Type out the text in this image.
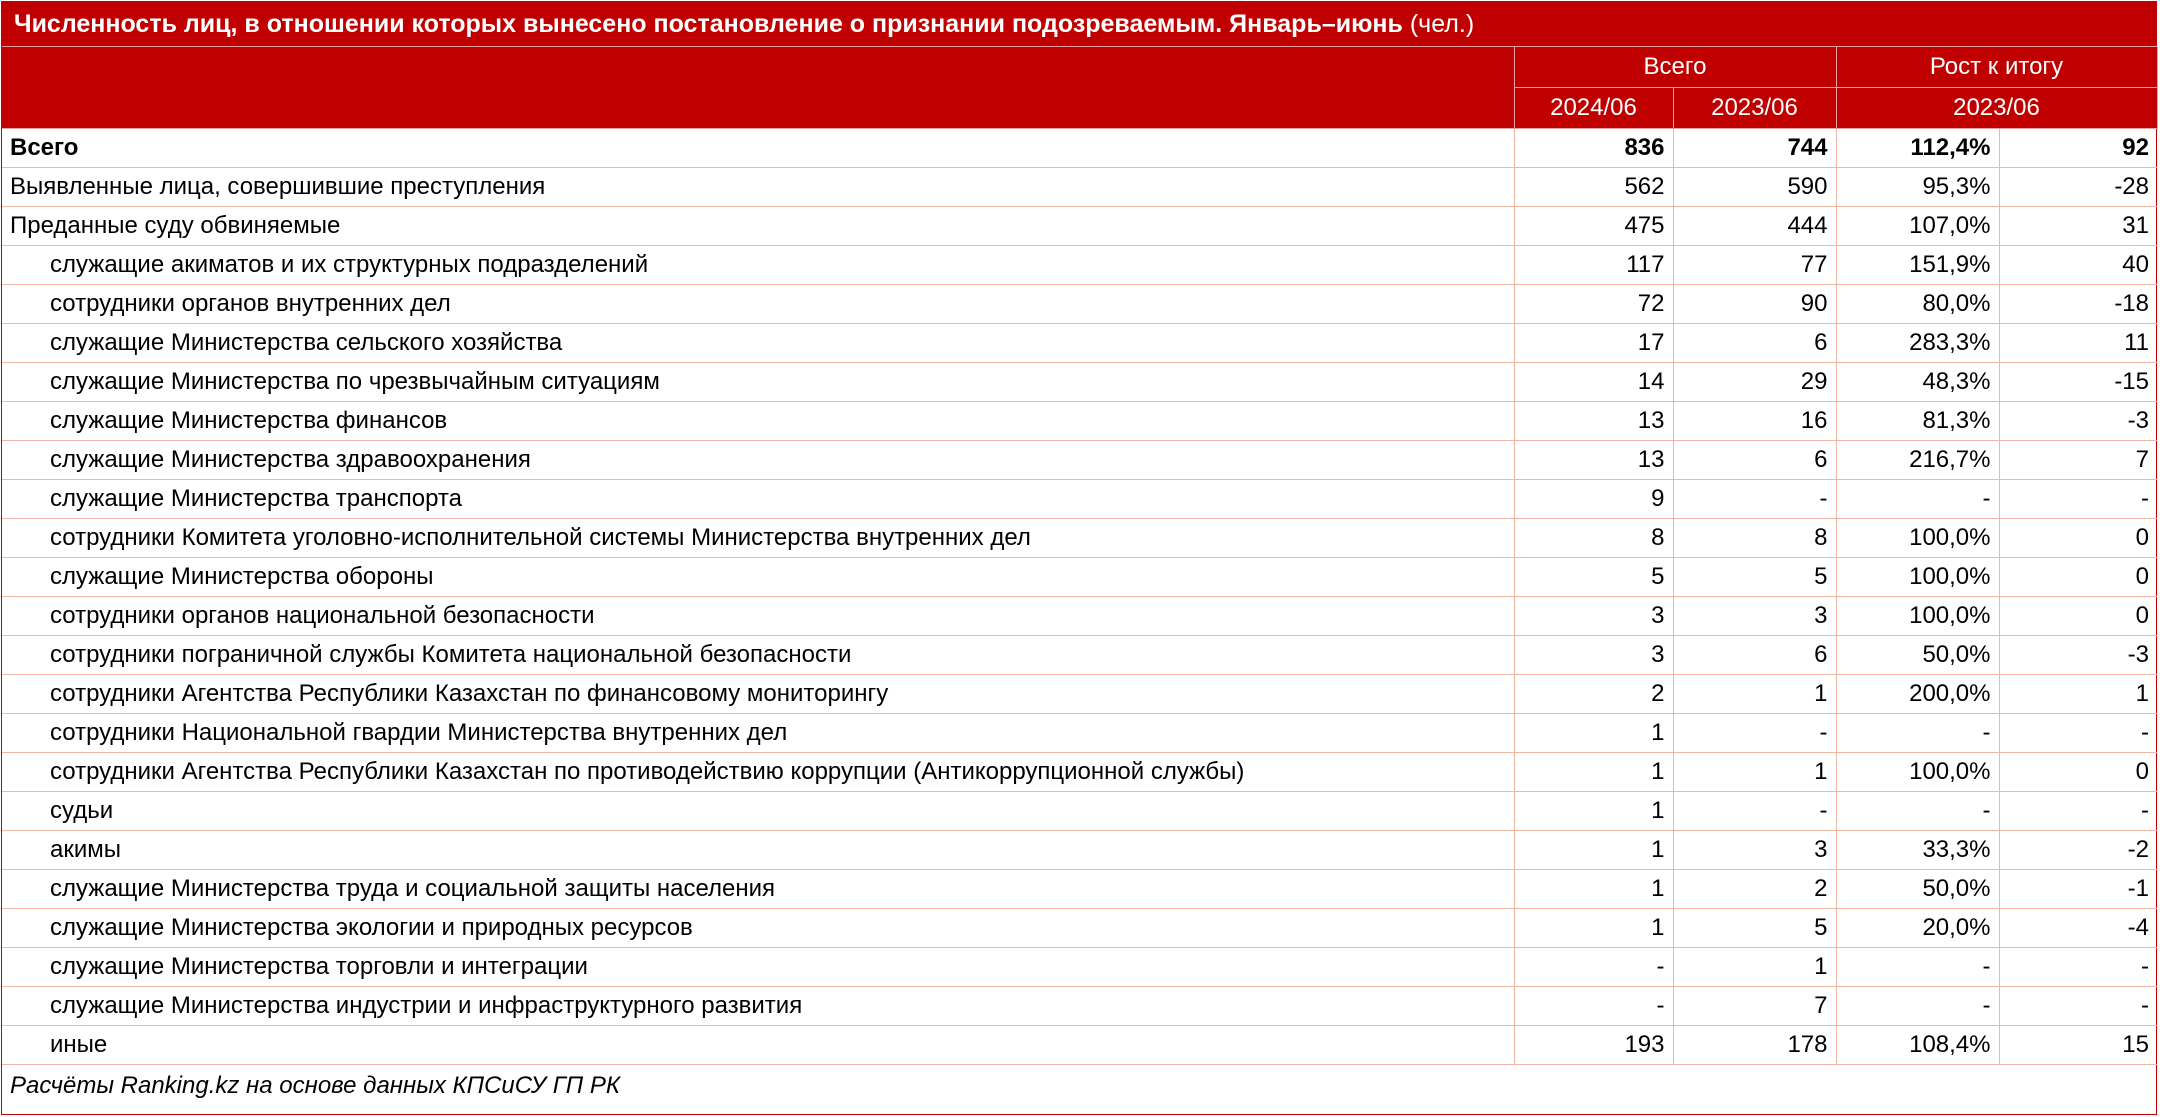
Численность лиц, в отношении которых вынесено постановление о признании подозреваемым. Январь–июнь (чел.)				
	Всего		Рост к итогу	
	2024/06	2023/06	2023/06	
Всего	836	744	112,4%	92
Выявленные лица, совершившие преступления	562	590	95,3%	-28
Преданные суду обвиняемые	475	444	107,0%	31
служащие акиматов и их структурных подразделений	117	77	151,9%	40
сотрудники органов внутренних дел	72	90	80,0%	-18
служащие Министерства сельского хозяйства	17	6	283,3%	11
служащие Министерства по чрезвычайным ситуациям	14	29	48,3%	-15
служащие Министерства финансов	13	16	81,3%	-3
служащие Министерства здравоохранения	13	6	216,7%	7
служащие Министерства транспорта	9	-	-	-
сотрудники Комитета уголовно-исполнительной системы Министерства внутренних дел	8	8	100,0%	0
служащие Министерства обороны	5	5	100,0%	0
сотрудники органов национальной безопасности	3	3	100,0%	0
сотрудники пограничной службы Комитета национальной безопасности	3	6	50,0%	-3
сотрудники Агентства Республики Казахстан по финансовому мониторингу	2	1	200,0%	1
сотрудники Национальной гвардии Министерства внутренних дел	1	-	-	-
сотрудники Агентства Республики Казахстан по противодействию коррупции (Антикоррупционной службы)	1	1	100,0%	0
судьи	1	-	-	-
акимы	1	3	33,3%	-2
служащие Министерства труда и социальной защиты населения	1	2	50,0%	-1
служащие Министерства экологии и природных ресурсов	1	5	20,0%	-4
служащие Министерства торговли и интеграции	-	1	-	-
служащие Министерства индустрии и инфраструктурного развития	-	7	-	-
иные	193	178	108,4%	15
Расчёты Ranking.kz на основе данных КПСиСУ ГП РК				
